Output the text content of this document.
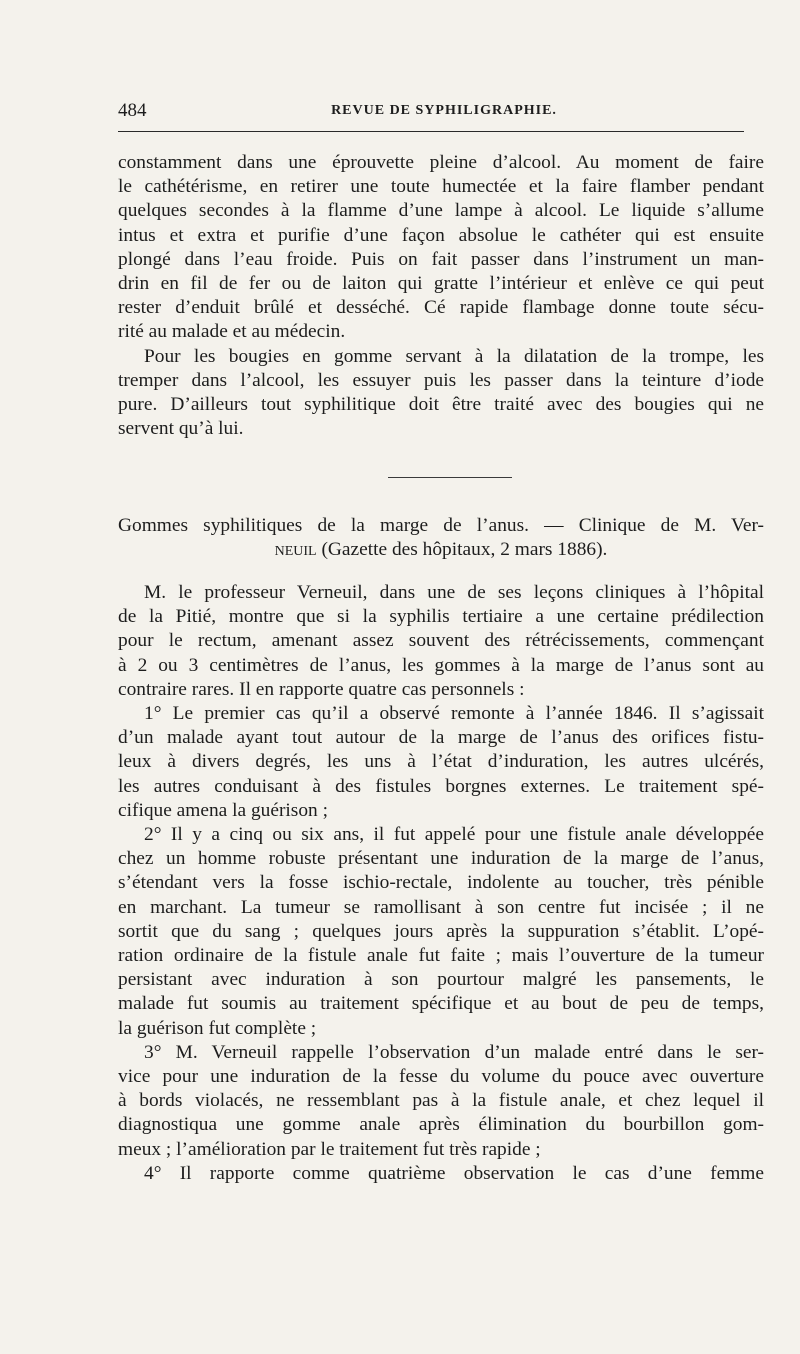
484	REVUE DE SYPHILIGRAPHIE.
constamment dans une éprouvette pleine d’alcool. Au moment de faire
le cathétérisme, en retirer une toute humectée et la faire flamber pendant
quelques secondes à la flamme d’une lampe à alcool. Le liquide s’allume
intus et extra et purifie d’une façon absolue le cathéter qui est ensuite
plongé dans l’eau froide. Puis on fait passer dans l’instrument un man-
drin en fil de fer ou de laiton qui gratte l’intérieur et enlève ce qui peut
rester d’enduit brûlé et desséché. Cé rapide flambage donne toute sécu-
rité au malade et au médecin.
Pour les bougies en gomme servant à la dilatation de la trompe, les
tremper dans l’alcool, les essuyer puis les passer dans la teinture d’iode
pure. D’ailleurs tout syphilitique doit être traité avec des bougies qui ne
servent qu’à lui.
Gommes syphilitiques de la marge de l’anus. — Clinique de M. Ver-
neuil (Gazette des hôpitaux, 2 mars 1886).
M. le professeur Verneuil, dans une de ses leçons cliniques à l’hôpital
de la Pitié, montre que si la syphilis tertiaire a une certaine prédilection
pour le rectum, amenant assez souvent des rétrécissements, commençant
à 2 ou 3 centimètres de l’anus, les gommes à la marge de l’anus sont au
contraire rares. Il en rapporte quatre cas personnels :
1° Le premier cas qu’il a observé remonte à l’année 1846. Il s’agissait
d’un malade ayant tout autour de la marge de l’anus des orifices fistu-
leux à divers degrés, les uns à l’état d’induration, les autres ulcérés,
les autres conduisant à des fistules borgnes externes. Le traitement spé-
cifique amena la guérison ;
2° Il y a cinq ou six ans, il fut appelé pour une fistule anale développée
chez un homme robuste présentant une induration de la marge de l’anus,
s’étendant vers la fosse ischio-rectale, indolente au toucher, très pénible
en marchant. La tumeur se ramollisant à son centre fut incisée ; il ne
sortit que du sang ; quelques jours après la suppuration s’établit. L’opé-
ration ordinaire de la fistule anale fut faite ; mais l’ouverture de la tumeur
persistant avec induration à son pourtour malgré les pansements, le
malade fut soumis au traitement spécifique et au bout de peu de temps,
la guérison fut complète ;
3° M. Verneuil rappelle l’observation d’un malade entré dans le ser-
vice pour une induration de la fesse du volume du pouce avec ouverture
à bords violacés, ne ressemblant pas à la fistule anale, et chez lequel il
diagnostiqua une gomme anale après élimination du bourbillon gom-
meux ; l’amélioration par le traitement fut très rapide ;
4° Il rapporte comme quatrième observation le cas d’une femme
